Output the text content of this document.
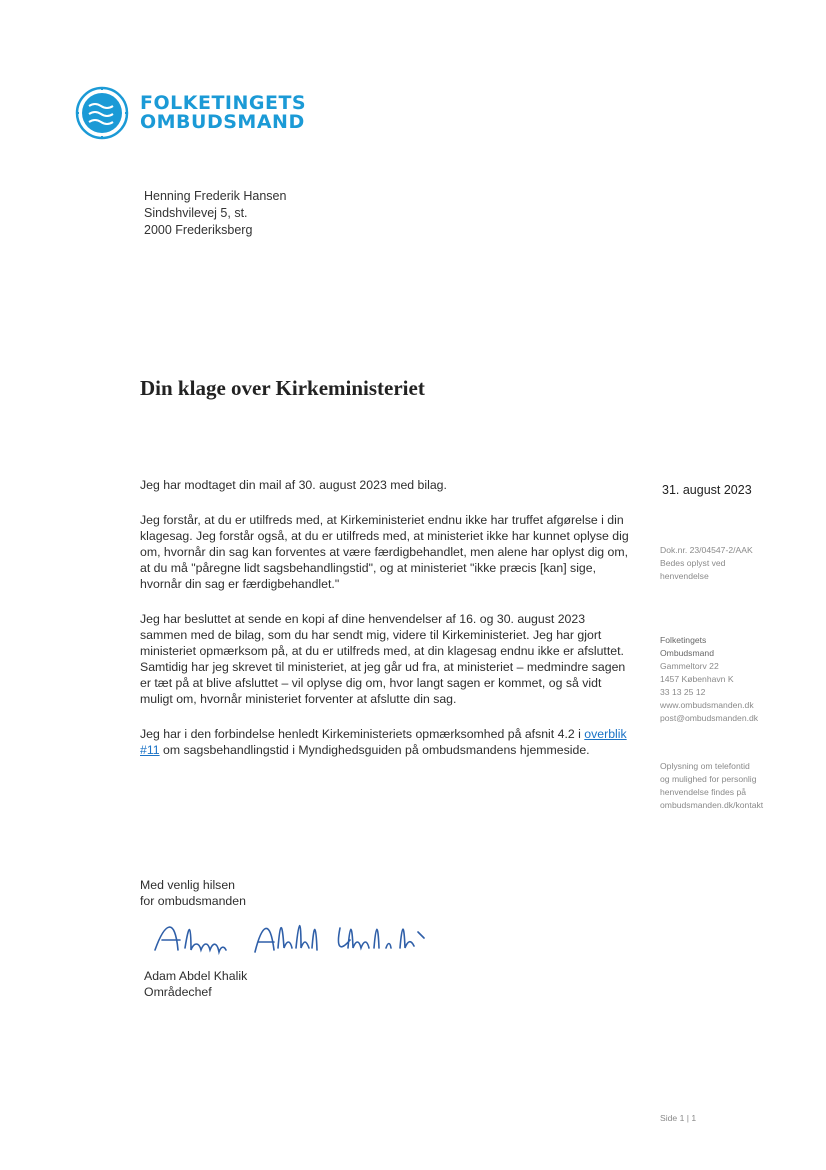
FOLKETINGETS
OMBUDSMAND
Henning Frederik Hansen
Sindshvilevej 5, st.
2000 Frederiksberg
Din klage over Kirkeministeriet

Jeg har modtaget din mail af 30. august 2023 med bilag.

Jeg forstår, at du er utilfreds med, at Kirkeministeriet endnu ikke har truffet afgørelse i din klagesag. Jeg forstår også, at du er utilfreds med, at ministeriet ikke har kunnet oplyse dig om, hvornår din sag kan forventes at være færdigbehandlet, men alene har oplyst dig om, at du må "påregne lidt sagsbehandlingstid", og at ministeriet "ikke præcis [kan] sige, hvornår din sag er færdigbehandlet."

Jeg har besluttet at sende en kopi af dine henvendelser af 16. og 30. august 2023 sammen med de bilag, som du har sendt mig, videre til Kirkeministeriet. Jeg har gjort ministeriet opmærksom på, at du er utilfreds med, at din klagesag endnu ikke er afsluttet. Samtidig har jeg skrevet til ministeriet, at jeg går ud fra, at ministeriet – medmindre sagen er tæt på at blive afsluttet – vil oplyse dig om, hvor langt sagen er kommet, og så vidt muligt om, hvornår ministeriet forventer at afslutte din sag.

Jeg har i den forbindelse henledt Kirkeministeriets opmærksomhed på afsnit 4.2 i overblik #11 om sagsbehandlingstid i Myndighedsguiden på ombudsmandens hjemmeside.

Med venlig hilsen
for ombudsmanden
Adam Abdel Khalik
Områdechef
31. august 2023
Dok.nr. 23/04547-2/AAK
Bedes oplyst ved
henvendelse
Folketingets
Ombudsmand
Gammeltorv 22
1457 København K
33 13 25 12
www.ombudsmanden.dk
post@ombudsmanden.dk
Oplysning om telefontid
og mulighed for personlig
henvendelse findes på
ombudsmanden.dk/kontakt
Side 1 | 1
